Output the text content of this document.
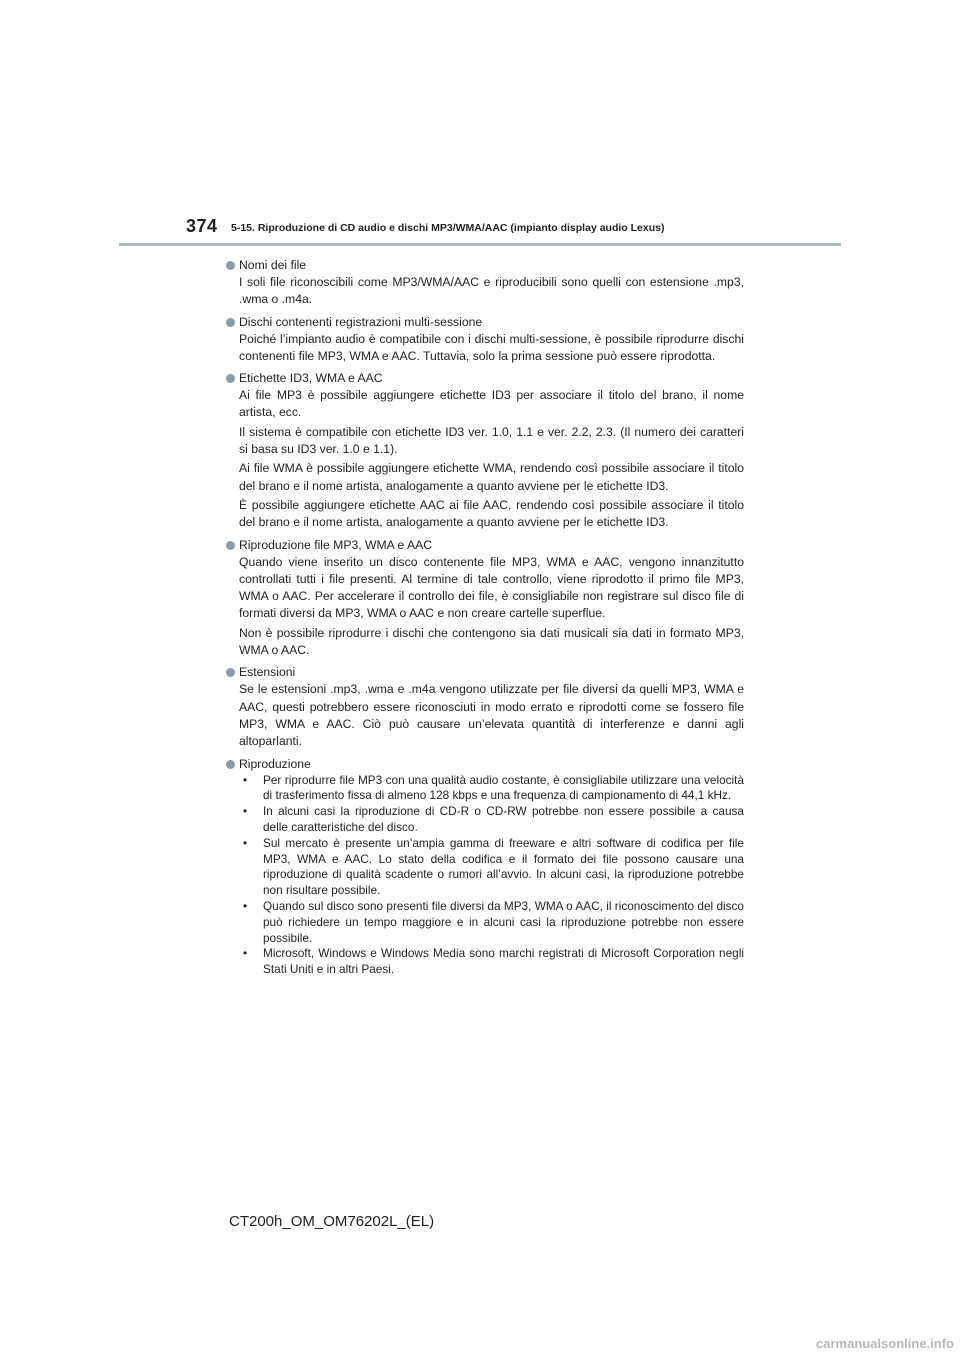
374 5-15. Riproduzione di CD audio e dischi MP3/WMA/AAC (impianto display audio Lexus)
Nomi dei file
I soli file riconoscibili come MP3/WMA/AAC e riproducibili sono quelli con estensione .mp3, .wma o .m4a.
Dischi contenenti registrazioni multi-sessione
Poiché l’impianto audio è compatibile con i dischi multi-sessione, è possibile riprodurre dischi contenenti file MP3, WMA e AAC. Tuttavia, solo la prima sessione può essere riprodotta.
Etichette ID3, WMA e AAC
Ai file MP3 è possibile aggiungere etichette ID3 per associare il titolo del brano, il nome artista, ecc.
Il sistema è compatibile con etichette ID3 ver. 1.0, 1.1 e ver. 2.2, 2.3. (Il numero dei caratteri si basa su ID3 ver. 1.0 e 1.1).
Ai file WMA è possibile aggiungere etichette WMA, rendendo così possibile associare il titolo del brano e il nome artista, analogamente a quanto avviene per le etichette ID3.
È possibile aggiungere etichette AAC ai file AAC, rendendo così possibile associare il titolo del brano e il nome artista, analogamente a quanto avviene per le etichette ID3.
Riproduzione file MP3, WMA e AAC
Quando viene inserito un disco contenente file MP3, WMA e AAC, vengono innanzitutto controllati tutti i file presenti. Al termine di tale controllo, viene riprodotto il primo file MP3, WMA o AAC. Per accelerare il controllo dei file, è consigliabile non registrare sul disco file di formati diversi da MP3, WMA o AAC e non creare cartelle superflue.
Non è possibile riprodurre i dischi che contengono sia dati musicali sia dati in formato MP3, WMA o AAC.
Estensioni
Se le estensioni .mp3, .wma e .m4a vengono utilizzate per file diversi da quelli MP3, WMA e AAC, questi potrebbero essere riconosciuti in modo errato e riprodotti come se fossero file MP3, WMA e AAC. Ciò può causare un’elevata quantità di interferenze e danni agli altoparlanti.
Riproduzione
• Per riprodurre file MP3 con una qualità audio costante, è consigliabile utilizzare una velocità di trasferimento fissa di almeno 128 kbps e una frequenza di campionamento di 44,1 kHz.
• In alcuni casi la riproduzione di CD-R o CD-RW potrebbe non essere possibile a causa delle caratteristiche del disco.
• Sul mercato è presente un’ampia gamma di freeware e altri software di codifica per file MP3, WMA e AAC. Lo stato della codifica e il formato dei file possono causare una riproduzione di qualità scadente o rumori all’avvio. In alcuni casi, la riproduzione potrebbe non risultare possibile.
• Quando sul disco sono presenti file diversi da MP3, WMA o AAC, il riconoscimento del disco può richiedere un tempo maggiore e in alcuni casi la riproduzione potrebbe non essere possibile.
• Microsoft, Windows e Windows Media sono marchi registrati di Microsoft Corporation negli Stati Uniti e in altri Paesi.
CT200h_OM_OM76202L_(EL)
carmanualsonline.info
